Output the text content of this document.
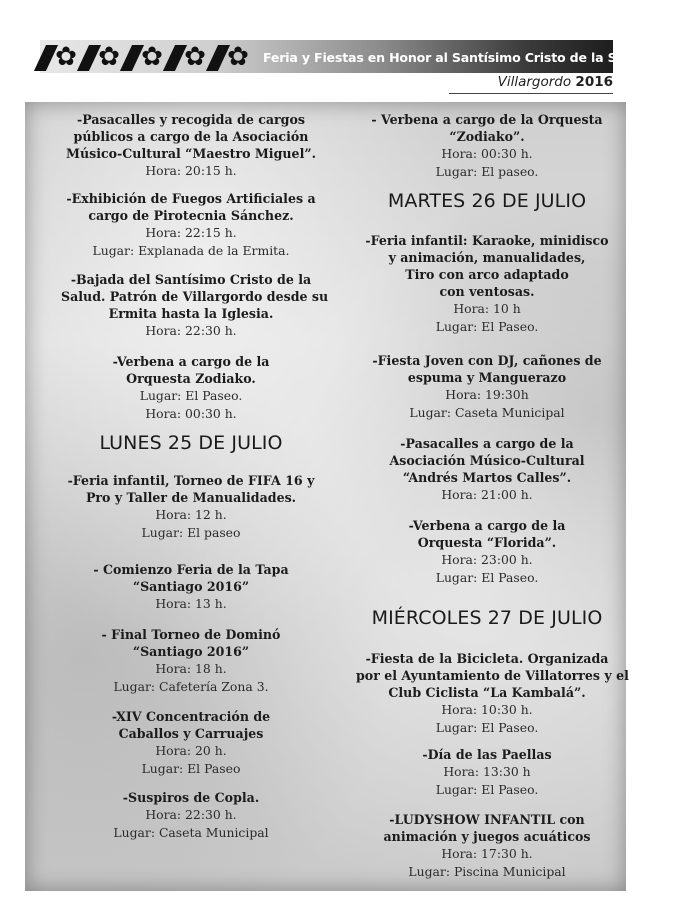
✿ ✿ ✿ ✿ ✿ Feria y Fiestas en Honor al Santísimo Cristo de la Salud 49
Villargordo 2016
-Pasacalles y recogida de cargos
públicos a cargo de la Asociación
Músico-Cultural “Maestro Miguel”.
Hora: 20:15 h.
-Exhibición de Fuegos Artificiales a
cargo de Pirotecnia Sánchez.
Hora: 22:15 h.
Lugar: Explanada de la Ermita.
-Bajada del Santísimo Cristo de la
Salud. Patrón de Villargordo desde su
Ermita hasta la Iglesia.
Hora: 22:30 h.
-Verbena a cargo de la
Orquesta Zodiako.
Lugar: El Paseo.
Hora: 00:30 h.
LUNES 25 DE JULIO
-Feria infantil, Torneo de FIFA 16 y
Pro y Taller de Manualidades.
Hora: 12 h.
Lugar: El paseo
- Comienzo Feria de la Tapa
“Santiago 2016”
Hora: 13 h.
- Final Torneo de Dominó
“Santiago 2016”
Hora: 18 h.
Lugar: Cafetería Zona 3.
-XIV Concentración de
Caballos y Carruajes
Hora: 20 h.
Lugar: El Paseo
-Suspiros de Copla.
Hora: 22:30 h.
Lugar: Caseta Municipal
- Verbena a cargo de la Orquesta
“Zodiako”.
Hora: 00:30 h.
Lugar: El paseo.
MARTES 26 DE JULIO
-Feria infantil: Karaoke, minidisco
y animación, manualidades,
Tiro con arco adaptado
con ventosas.
Hora: 10 h
Lugar: El Paseo.
-Fiesta Joven con DJ, cañones de
espuma y Manguerazo
Hora: 19:30h
Lugar: Caseta Municipal
-Pasacalles a cargo de la
Asociación Músico-Cultural
“Andrés Martos Calles”.
Hora: 21:00 h.
-Verbena a cargo de la
Orquesta “Florida”.
Hora: 23:00 h.
Lugar: El Paseo.
MIÉRCOLES 27 DE JULIO
-Fiesta de la Bicicleta. Organizada
por el Ayuntamiento de Villatorres y el
Club Ciclista “La Kambalá”.
Hora: 10:30 h.
Lugar: El Paseo.
-Día de las Paellas
Hora: 13:30 h
Lugar: El Paseo.
-LUDYSHOW INFANTIL con
animación y juegos acuáticos
Hora: 17:30 h.
Lugar: Piscina Municipal
